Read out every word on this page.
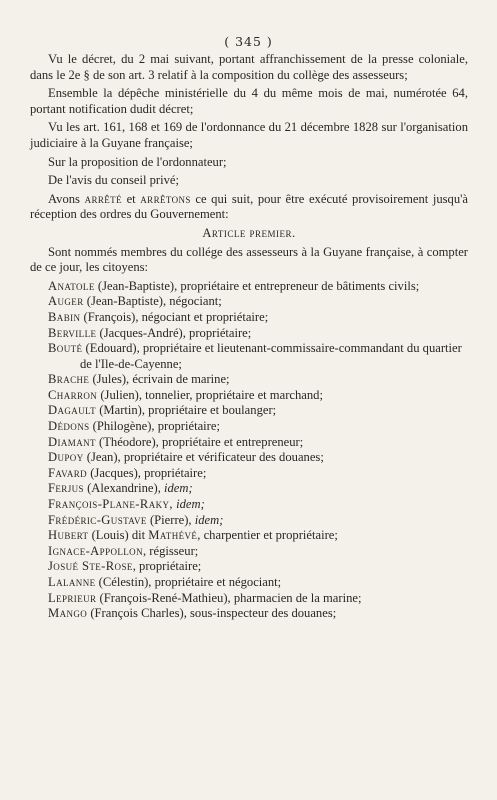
( 345 )

Vu le décret, du 2 mai suivant, portant affranchissement de la presse coloniale, dans le 2e § de son art. 3 relatif à la composition du collège des assesseurs;

Ensemble la dépêche ministérielle du 4 du même mois de mai, numérotée 64, portant notification dudit décret;

Vu les art. 161, 168 et 169 de l'ordonnance du 21 décembre 1828 sur l'organisation judiciaire à la Guyane française;

Sur la proposition de l'ordonnateur;

De l'avis du conseil privé;

Avons arrêté et arrêtons ce qui suit, pour être exécuté provisoirement jusqu'à réception des ordres du Gouvernement:

Article premier.

Sont nommés membres du collége des assesseurs à la Guyane française, à compter de ce jour, les citoyens:

Anatole (Jean-Baptiste), propriétaire et entrepreneur de bâtiments civils;

Auger (Jean-Baptiste), négociant;

Babin (François), négociant et propriétaire;

Berville (Jacques-André), propriétaire;

Bouté (Edouard), propriétaire et lieutenant-commissaire-commandant du quartier de l'Ile-de-Cayenne;

Brache (Jules), écrivain de marine;

Charron (Julien), tonnelier, propriétaire et marchand;

Dagault (Martin), propriétaire et boulanger;

Dédons (Philogène), propriétaire;

Diamant (Théodore), propriétaire et entrepreneur;

Dupoy (Jean), propriétaire et vérificateur des douanes;

Favard (Jacques), propriétaire;

Ferjus (Alexandrine), idem;

François-Plane-Raky, idem;

Frédéric-Gustave (Pierre), idem;

Hubert (Louis) dit Mathévé, charpentier et propriétaire;

Ignace-Appollon, régisseur;

Josué Ste-Rose, propriétaire;

Lalanne (Célestin), propriétaire et négociant;

Leprieur (François-René-Mathieu), pharmacien de la marine;

Mango (François Charles), sous-inspecteur des douanes;
